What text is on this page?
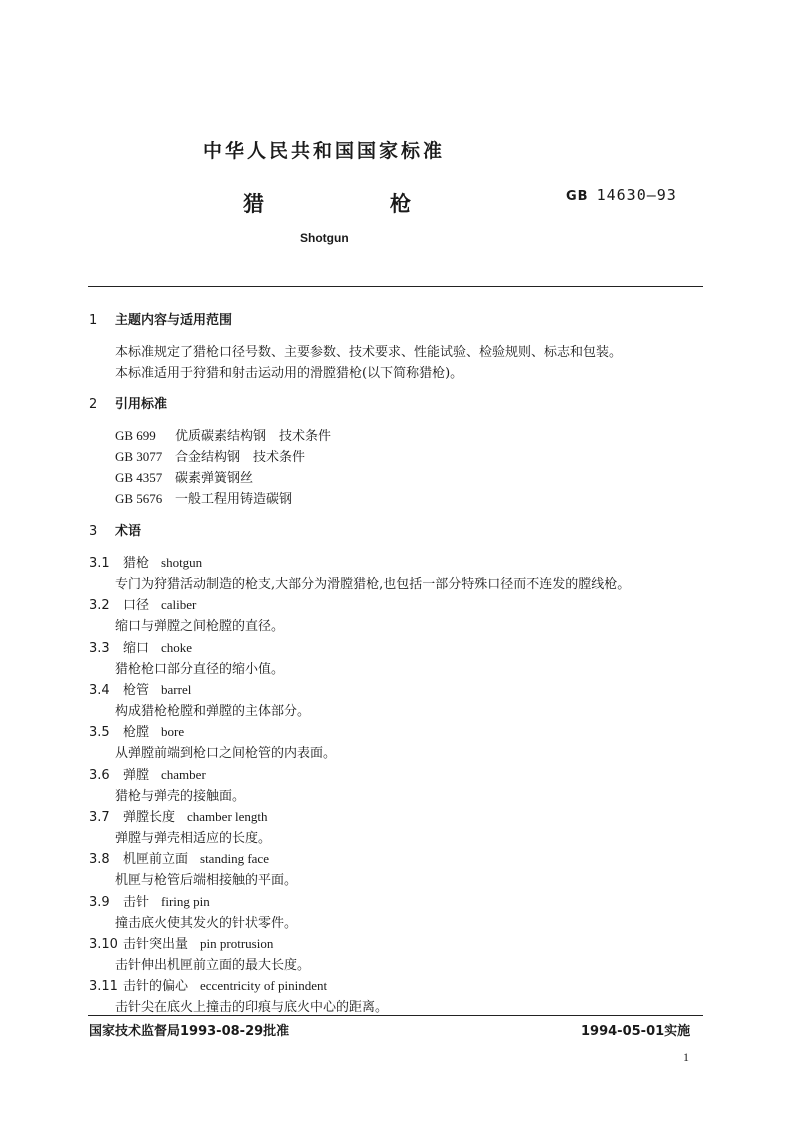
中华人民共和国国家标准
猎	枪	GB 14630—93
Shotgun
1 主题内容与适用范围
本标准规定了猎枪口径号数、主要参数、技术要求、性能试验、检验规则、标志和包装。
本标准适用于狩猎和射击运动用的滑膛猎枪(以下简称猎枪)。
2 引用标准
GB 699 优质碳素结构钢　技术条件
GB 3077 合金结构钢　技术条件
GB 4357 碳素弹簧钢丝
GB 5676 一般工程用铸造碳钢
3 术语
3.1 猎枪 shotgun
专门为狩猎活动制造的枪支,大部分为滑膛猎枪,也包括一部分特殊口径而不连发的膛线枪。
3.2 口径 caliber
缩口与弹膛之间枪膛的直径。
3.3 缩口 choke
猎枪枪口部分直径的缩小值。
3.4 枪管 barrel
构成猎枪枪膛和弹膛的主体部分。
3.5 枪膛 bore
从弹膛前端到枪口之间枪管的内表面。
3.6 弹膛 chamber
猎枪与弹壳的接触面。
3.7 弹膛长度 chamber length
弹膛与弹壳相适应的长度。
3.8 机匣前立面 standing face
机匣与枪管后端相接触的平面。
3.9 击针 firing pin
撞击底火使其发火的针状零件。
3.10 击针突出量 pin protrusion
击针伸出机匣前立面的最大长度。
3.11 击针的偏心 eccentricity of pinindent
击针尖在底火上撞击的印痕与底火中心的距离。
国家技术监督局1993-08-29批准	1994-05-01实施
1
